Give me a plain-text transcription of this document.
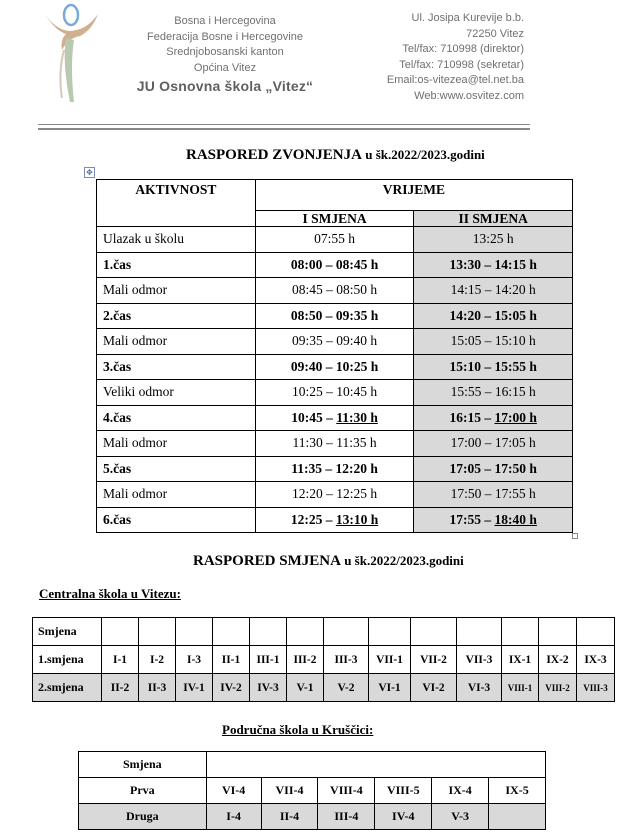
Bosna i Hercegovina
Federacija Bosne i Hercegovine
Srednjobosanski kanton
Općina Vitez
JU Osnovna škola „Vitez“
Ul. Josipa Kurevije b.b.
72250 Vitez
Tel/fax: 710998 (direktor)
Tel/fax: 710998 (sekretar)
Email:os-vitezea@tel.net.ba
Web:www.osvitez.com
RASPORED ZVONJENJA u šk.2022/2023.godini
✥
AKTIVNOST	VRIJEME	
	I SMJENA	II SMJENA
Ulazak u školu	07:55 h	13:25 h
1.čas	08:00 – 08:45 h	13:30 – 14:15 h
Mali odmor	08:45 – 08:50 h	14:15 – 14:20 h
2.čas	08:50 – 09:35 h	14:20 – 15:05 h
Mali odmor	09:35 – 09:40 h	15:05 – 15:10 h
3.čas	09:40 – 10:25 h	15:10 – 15:55 h
Veliki odmor	10:25 – 10:45 h	15:55 – 16:15 h
4.čas	10:45 – 11:30 h	16:15 – 17:00 h
Mali odmor	11:30 – 11:35 h	17:00 – 17:05 h
5.čas	11:35 – 12:20 h	17:05 – 17:50 h
Mali odmor	12:20 – 12:25 h	17:50 – 17:55 h
6.čas	12:25 – 13:10 h	17:55 – 18:40 h
RASPORED SMJENA u šk.2022/2023.godini
Centralna škola u Vitezu:
Smjena													
1.smjena	I-1	I-2	I-3	II-1	III-1	III-2	III-3	VII-1	VII-2	VII-3	IX-1	IX-2	IX-3
2.smjena	II-2	II-3	IV-1	IV-2	IV-3	V-1	V-2	VI-1	VI-2	VI-3	VIII-1	VIII-2	VIII-3
Područna škola u Kruščici:
Smjena						
Prva	VI-4	VII-4	VIII-4	VIII-5	IX-4	IX-5
Druga	I-4	II-4	III-4	IV-4	V-3	
